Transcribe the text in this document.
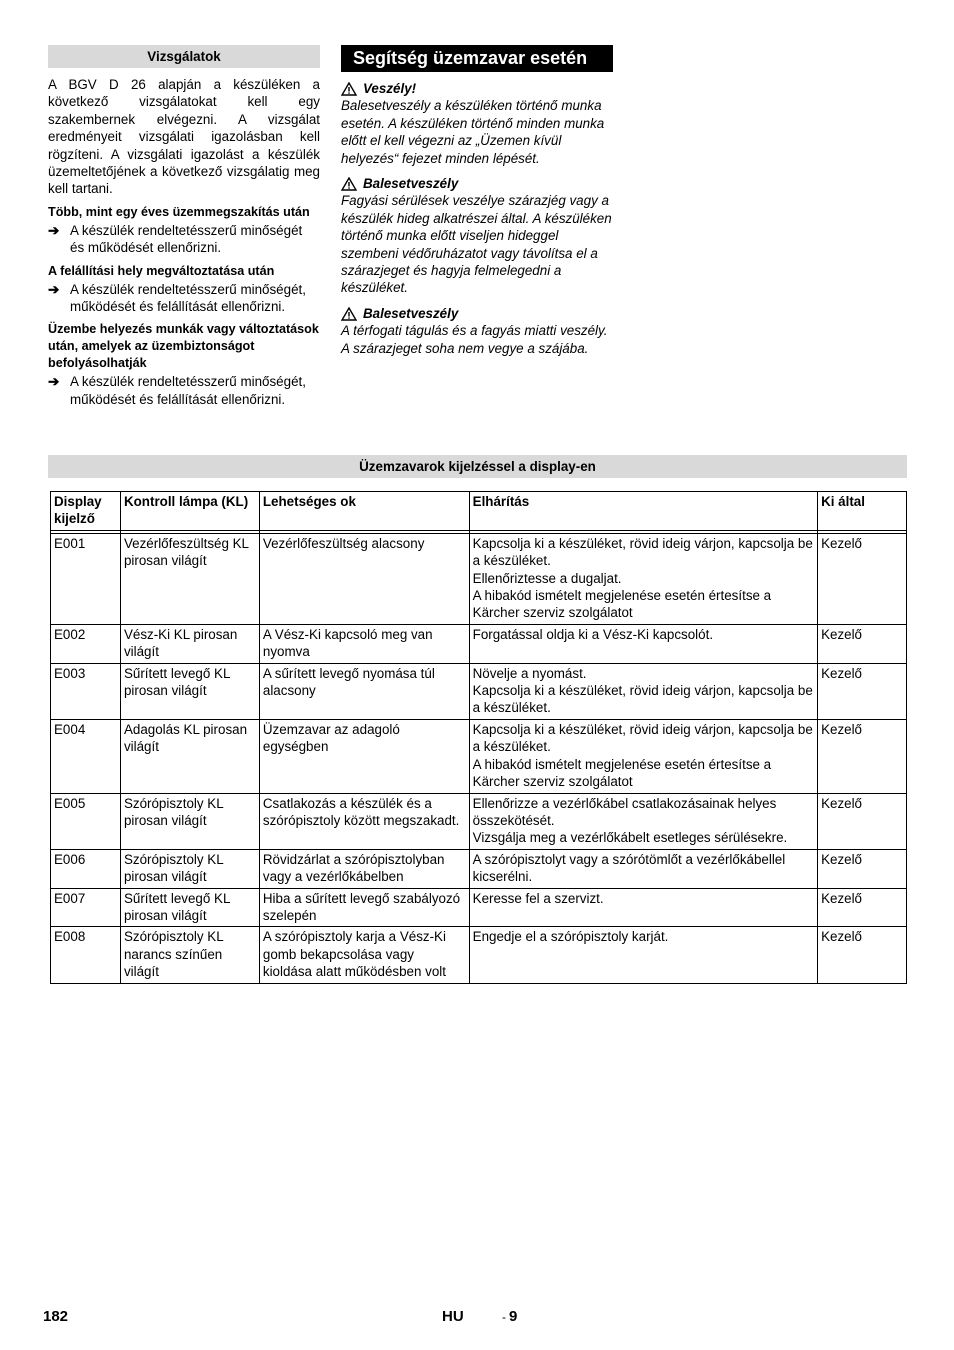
Vizsgálatok

A BGV D 26 alapján a készüléken a következő vizsgálatokat kell egy szakembernek elvégezni. A vizsgálat eredményeit vizsgálati igazolásban kell rögzíteni. A vizsgálati igazolást a készülék üzemeltetőjének a következő vizsgálatig meg kell tartani.

Több, mint egy éves üzemmegszakítás után
➔ A készülék rendeltetésszerű minőségét és működését ellenőrizni.
A felállítási hely megváltoztatása után
➔ A készülék rendeltetésszerű minőségét, működését és felállítását ellenőrizni.
Üzembe helyezés munkák vagy változtatások után, amelyek az üzembiztonságot befolyásolhatják
➔ A készülék rendeltetésszerű minőségét, működését és felállítását ellenőrizni.
Segítség üzemzavar esetén
Veszély!
Balesetveszély a készüléken történő munka esetén. A készüléken történő minden munka előtt el kell végezni az „Üzemen kívül helyezés“ fejezet minden lépését.
Balesetveszély
Fagyási sérülések veszélye szárazjég vagy a készülék hideg alkatrészei által. A készüléken történő munka előtt viseljen hideggel szembeni védőruházatot vagy távolítsa el a szárazjeget és hagyja felmelegedni a készüléket.
Balesetveszély
A térfogati tágulás és a fagyás miatti veszély.
A szárazjeget soha nem vegye a szájába.
Üzemzavarok kijelzéssel a display-en
Display kijelző	Kontroll lámpa (KL)	Lehetséges ok	Elhárítás	Ki által

E001	Vezérlőfeszültség KL pirosan világít	Vezérlőfeszültség alacsony	Kapcsolja ki a készüléket, rövid ideig várjon, kapcsolja be a készüléket.
Ellenőriztesse a dugaljat.
A hibakód ismételt megjelenése esetén értesítse a Kärcher szerviz szolgálatot	Kezelő
E002	Vész-Ki KL pirosan világít	A Vész-Ki kapcsoló meg van nyomva	Forgatással oldja ki a Vész-Ki kapcsolót.	Kezelő
E003	Sűrített levegő KL pirosan világít	A sűrített levegő nyomása túl alacsony	Növelje a nyomást.
Kapcsolja ki a készüléket, rövid ideig várjon, kapcsolja be a készüléket.	Kezelő
E004	Adagolás KL pirosan világít	Üzemzavar az adagoló egységben	Kapcsolja ki a készüléket, rövid ideig várjon, kapcsolja be a készüléket.
A hibakód ismételt megjelenése esetén értesítse a Kärcher szerviz szolgálatot	Kezelő
E005	Szórópisztoly KL pirosan világít	Csatlakozás a készülék és a szórópisztoly között megszakadt.	Ellenőrizze a vezérlőkábel csatlakozásainak helyes összekötését.
Vizsgálja meg a vezérlőkábelt esetleges sérülésekre.	Kezelő
E006	Szórópisztoly KL pirosan világít	Rövidzárlat a szórópisztolyban vagy a vezérlőkábelben	A szórópisztolyt vagy a szórótömlőt a vezérlőkábellel kicserélni.	Kezelő
E007	Sűrített levegő KL pirosan világít	Hiba a sűrített levegő szabályozó szelepén	Keresse fel a szervizt.	Kezelő
E008	Szórópisztoly KL narancs színűen világít	A szórópisztoly karja a Vész-Ki gomb bekapcsolása vagy kioldása alatt működésben volt	Engedje el a szórópisztoly karját.	Kezelő
182	HU	- 9
